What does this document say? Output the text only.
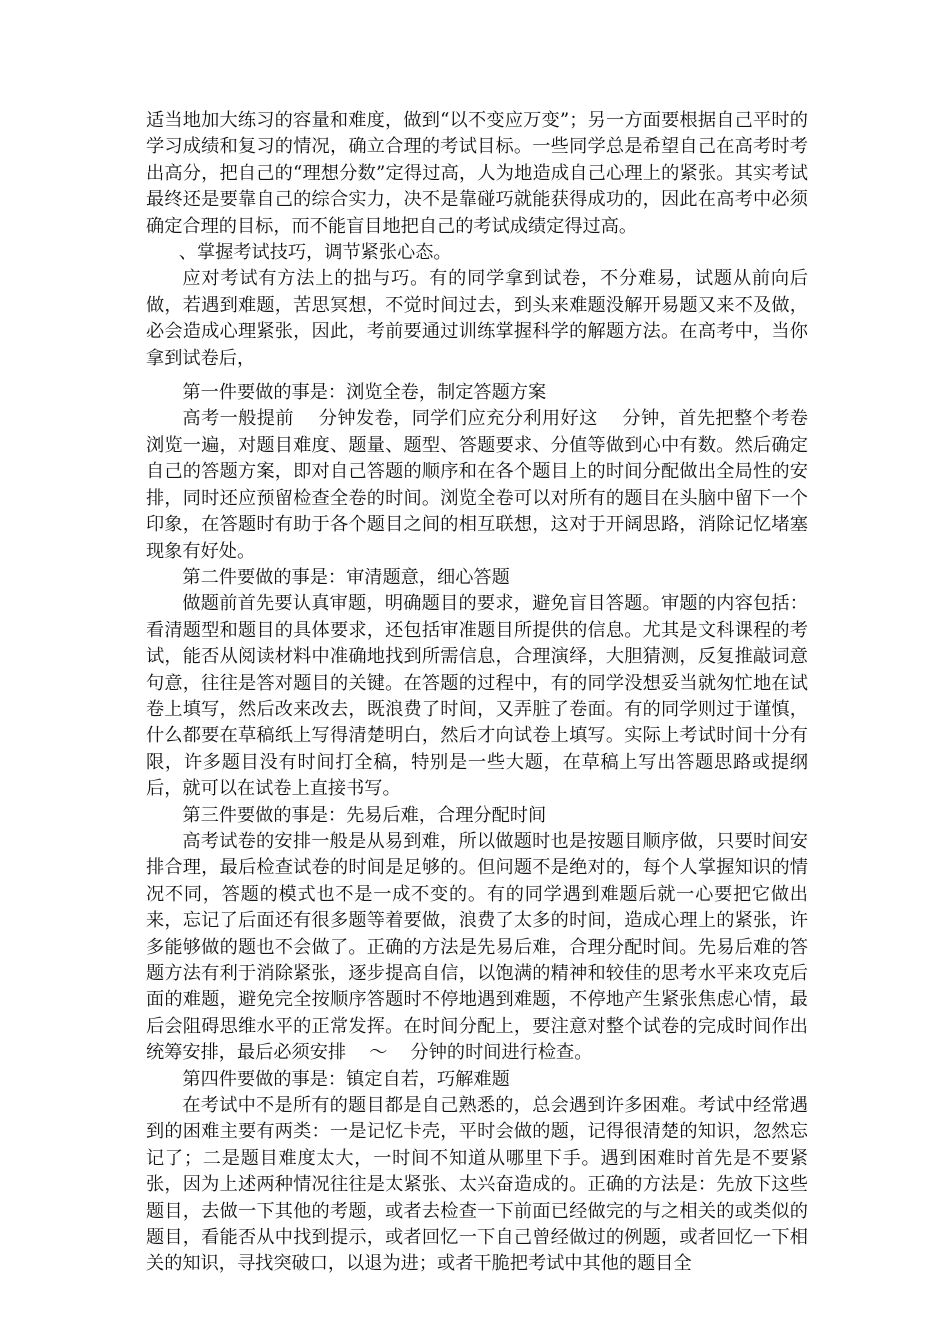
适当地加大练习的容量和难度，做到“以不变应万变”；另一方面要根据自己平时的学习成绩和复习的情况，确立合理的考试目标。一些同学总是希望自己在高考时考出高分，把自己的“理想分数”定得过高，人为地造成自己心理上的紧张。其实考试最终还是要靠自己的综合实力，决不是靠碰巧就能获得成功的，因此在高考中必须确定合理的目标，而不能盲目地把自己的考试成绩定得过高。

、掌握考试技巧，调节紧张心态。

应对考试有方法上的拙与巧。有的同学拿到试卷，不分难易，试题从前向后做，若遇到难题，苦思冥想，不觉时间过去，到头来难题没解开易题又来不及做，必会造成心理紧张，因此，考前要通过训练掌握科学的解题方法。在高考中，当你拿到试卷后，

第一件要做的事是：浏览全卷，制定答题方案

高考一般提前    分钟发卷，同学们应充分利用好这    分钟，首先把整个考卷浏览一遍，对题目难度、题量、题型、答题要求、分值等做到心中有数。然后确定自己的答题方案，即对自己答题的顺序和在各个题目上的时间分配做出全局性的安排，同时还应预留检查全卷的时间。浏览全卷可以对所有的题目在头脑中留下一个印象，在答题时有助于各个题目之间的相互联想，这对于开阔思路，消除记忆堵塞现象有好处。

第二件要做的事是：审清题意，细心答题

做题前首先要认真审题，明确题目的要求，避免盲目答题。审题的内容包括：看清题型和题目的具体要求，还包括审准题目所提供的信息。尤其是文科课程的考试，能否从阅读材料中准确地找到所需信息，合理演绎，大胆猜测，反复推敲词意句意，往往是答对题目的关键。在答题的过程中，有的同学没想妥当就匆忙地在试卷上填写，然后改来改去，既浪费了时间，又弄脏了卷面。有的同学则过于谨慎，什么都要在草稿纸上写得清楚明白，然后才向试卷上填写。实际上考试时间十分有限，许多题目没有时间打全稿，特别是一些大题，在草稿上写出答题思路或提纲后，就可以在试卷上直接书写。

第三件要做的事是：先易后难，合理分配时间

高考试卷的安排一般是从易到难，所以做题时也是按题目顺序做，只要时间安排合理，最后检查试卷的时间是足够的。但问题不是绝对的，每个人掌握知识的情况不同，答题的模式也不是一成不变的。有的同学遇到难题后就一心要把它做出来，忘记了后面还有很多题等着要做，浪费了太多的时间，造成心理上的紧张，许多能够做的题也不会做了。正确的方法是先易后难，合理分配时间。先易后难的答题方法有利于消除紧张，逐步提高自信，以饱满的精神和较佳的思考水平来攻克后面的难题，避免完全按顺序答题时不停地遇到难题，不停地产生紧张焦虑心情，最后会阻碍思维水平的正常发挥。在时间分配上，要注意对整个试卷的完成时间作出统筹安排，最后必须安排    ～    分钟的时间进行检查。

第四件要做的事是：镇定自若，巧解难题

在考试中不是所有的题目都是自己熟悉的，总会遇到许多困难。考试中经常遇到的困难主要有两类：一是记忆卡壳，平时会做的题，记得很清楚的知识，忽然忘记了；二是题目难度太大，一时间不知道从哪里下手。遇到困难时首先是不要紧张，因为上述两种情况往往是太紧张、太兴奋造成的。正确的方法是：先放下这些题目，去做一下其他的考题，或者去检查一下前面已经做完的与之相关的或类似的题目，看能否从中找到提示，或者回忆一下自己曾经做过的例题，或者回忆一下相关的知识，寻找突破口，以退为进；或者干脆把考试中其他的题目全
